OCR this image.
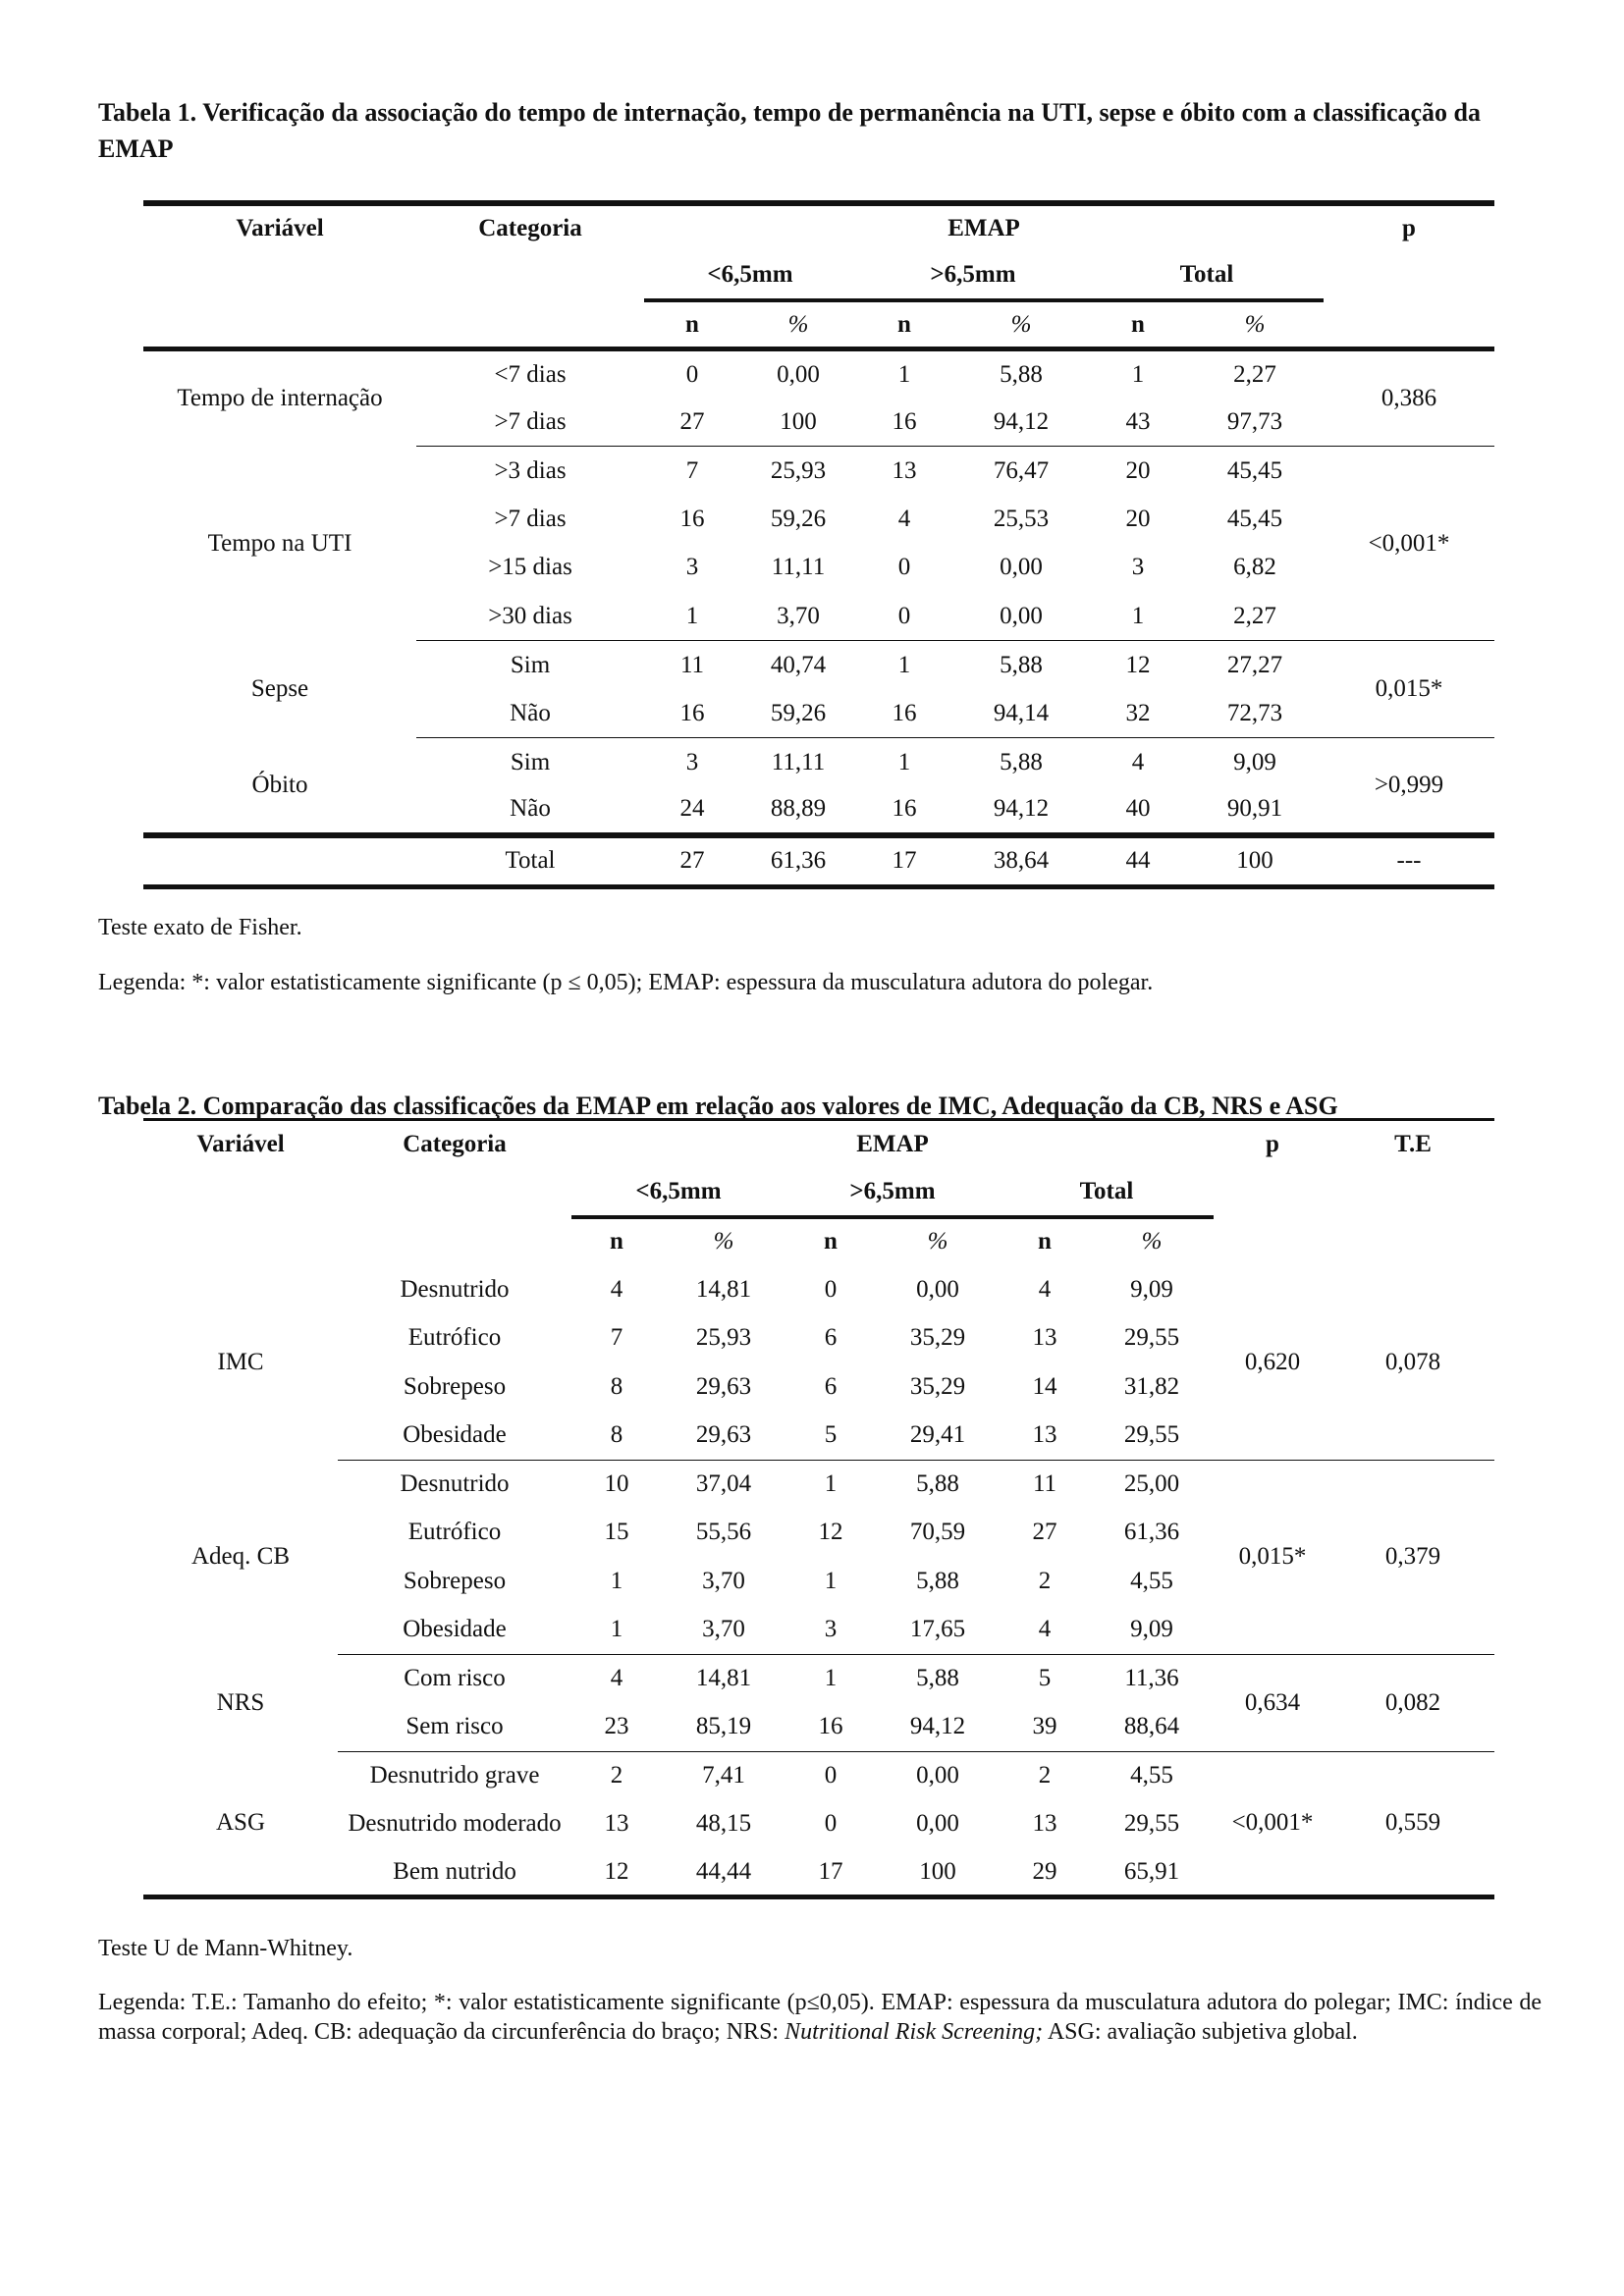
Tabela 1. Verificação da associação do tempo de internação, tempo de permanência na UTI, sepse e óbito com a classificação da EMAP

Variável	Categoria	EMAP						p
		<6,5mm		>6,5mm		Total		
		n	%	n	%	n	%	
Tempo de internação	<7 dias	0	0,00	1	5,88	1	2,27	0,386
	>7 dias	27	100	16	94,12	43	97,73	
Tempo na UTI	>3 dias	7	25,93	13	76,47	20	45,45	<0,001*
	>7 dias	16	59,26	4	25,53	20	45,45	
	>15 dias	3	11,11	0	0,00	3	6,82	
	>30 dias	1	3,70	0	0,00	1	2,27	
Sepse	Sim	11	40,74	1	5,88	12	27,27	0,015*
	Não	16	59,26	16	94,14	32	72,73	
Óbito	Sim	3	11,11	1	5,88	4	9,09	>0,999
	Não	24	88,89	16	94,12	40	90,91	
	Total	27	61,36	17	38,64	44	100	---

Teste exato de Fisher.

Legenda: *: valor estatisticamente significante (p ≤ 0,05); EMAP: espessura da musculatura adutora do polegar.

Tabela 2. Comparação das classificações da EMAP em relação aos valores de IMC, Adequação da CB, NRS e ASG

Variável	Categoria	EMAP						p	T.E
		<6,5mm		>6,5mm		Total			
		n	%	n	%	n	%		
IMC	Desnutrido	4	14,81	0	0,00	4	9,09	0,620	0,078
	Eutrófico	7	25,93	6	35,29	13	29,55		
	Sobrepeso	8	29,63	6	35,29	14	31,82		
	Obesidade	8	29,63	5	29,41	13	29,55		
Adeq. CB	Desnutrido	10	37,04	1	5,88	11	25,00	0,015*	0,379
	Eutrófico	15	55,56	12	70,59	27	61,36		
	Sobrepeso	1	3,70	1	5,88	2	4,55		
	Obesidade	1	3,70	3	17,65	4	9,09		
NRS	Com risco	4	14,81	1	5,88	5	11,36	0,634	0,082
	Sem risco	23	85,19	16	94,12	39	88,64		
ASG	Desnutrido grave	2	7,41	0	0,00	2	4,55	<0,001*	0,559
	Desnutrido moderado	13	48,15	0	0,00	13	29,55		
	Bem nutrido	12	44,44	17	100	29	65,91		

Teste U de Mann-Whitney.

Legenda: T.E.: Tamanho do efeito; *: valor estatisticamente significante (p≤0,05). EMAP: espessura da musculatura adutora do polegar; IMC: índice de massa corporal; Adeq. CB: adequação da circunferência do braço; NRS: Nutritional Risk Screening; ASG: avaliação subjetiva global.
